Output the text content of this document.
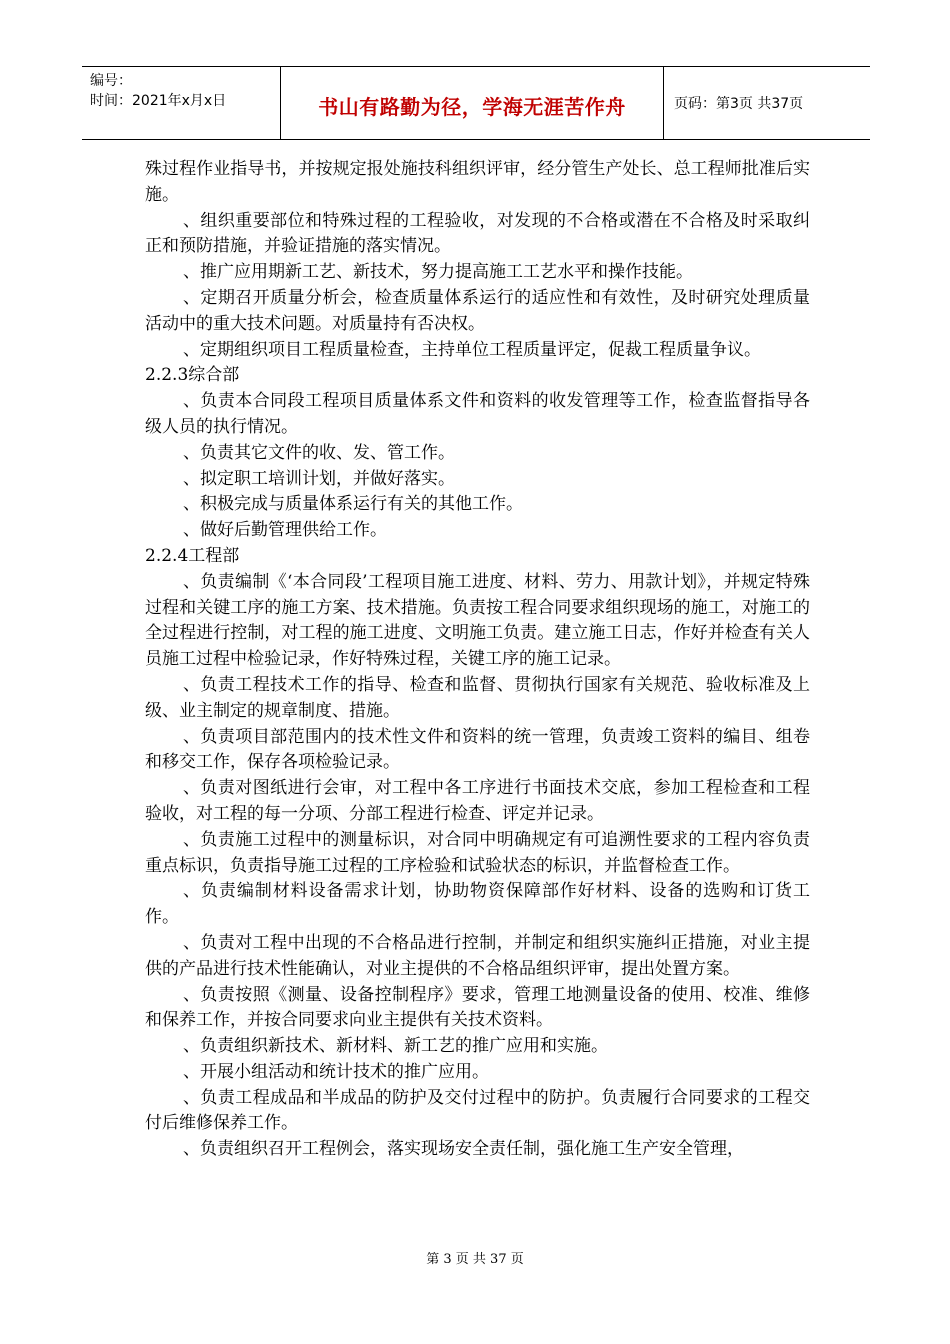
编号：
时间：2021年x月x日	书山有路勤为径，学海无涯苦作舟	页码：第3页 共37页

殊过程作业指导书，并按规定报处施技科组织评审，经分管生产处长、总工程师批准后实施。

、组织重要部位和特殊过程的工程验收，对发现的不合格或潜在不合格及时采取纠正和预防措施，并验证措施的落实情况。

、推广应用期新工艺、新技术，努力提高施工工艺水平和操作技能。

、定期召开质量分析会，检查质量体系运行的适应性和有效性，及时研究处理质量活动中的重大技术问题。对质量持有否决权。

、定期组织项目工程质量检查，主持单位工程质量评定，促裁工程质量争议。

2.2.3综合部

、负责本合同段工程项目质量体系文件和资料的收发管理等工作，检查监督指导各级人员的执行情况。

、负责其它文件的收、发、管工作。

、拟定职工培训计划，并做好落实。

、积极完成与质量体系运行有关的其他工作。

、做好后勤管理供给工作。

2.2.4工程部

、负责编制《‘本合同段’工程项目施工进度、材料、劳力、用款计划》，并规定特殊过程和关键工序的施工方案、技术措施。负责按工程合同要求组织现场的施工，对施工的全过程进行控制，对工程的施工进度、文明施工负责。建立施工日志，作好并检查有关人员施工过程中检验记录，作好特殊过程，关键工序的施工记录。

、负责工程技术工作的指导、检查和监督、贯彻执行国家有关规范、验收标准及上级、业主制定的规章制度、措施。

、负责项目部范围内的技术性文件和资料的统一管理，负责竣工资料的编目、组卷和移交工作，保存各项检验记录。

、负责对图纸进行会审，对工程中各工序进行书面技术交底，参加工程检查和工程验收，对工程的每一分项、分部工程进行检查、评定并记录。

、负责施工过程中的测量标识，对合同中明确规定有可追溯性要求的工程内容负责重点标识，负责指导施工过程的工序检验和试验状态的标识，并监督检查工作。

、负责编制材料设备需求计划，协助物资保障部作好材料、设备的选购和订货工作。

、负责对工程中出现的不合格品进行控制，并制定和组织实施纠正措施，对业主提供的产品进行技术性能确认，对业主提供的不合格品组织评审，提出处置方案。

、负责按照《测量、设备控制程序》要求，管理工地测量设备的使用、校准、维修和保养工作，并按合同要求向业主提供有关技术资料。

、负责组织新技术、新材料、新工艺的推广应用和实施。

、开展小组活动和统计技术的推广应用。

、负责工程成品和半成品的防护及交付过程中的防护。负责履行合同要求的工程交付后维修保养工作。

、负责组织召开工程例会，落实现场安全责任制，强化施工生产安全管理，

第 3 页 共 37 页
